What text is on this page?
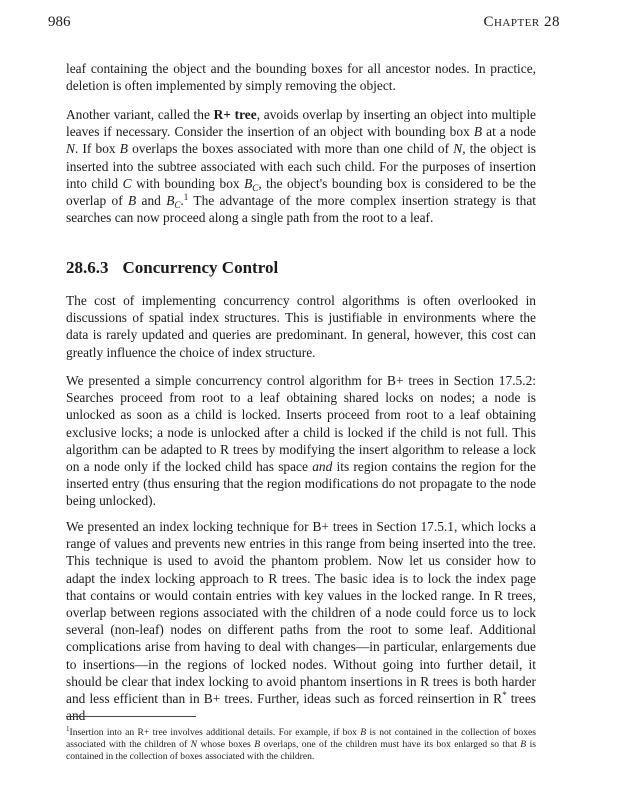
986	Chapter 28

leaf containing the object and the bounding boxes for all ancestor nodes. In practice, deletion is often implemented by simply removing the object.

Another variant, called the R+ tree, avoids overlap by inserting an object into multiple leaves if necessary. Consider the insertion of an object with bounding box B at a node N. If box B overlaps the boxes associated with more than one child of N, the object is inserted into the subtree associated with each such child. For the purposes of insertion into child C with bounding box $B_C$, the object's bounding box is considered to be the overlap of B and $B_C.^1$ The advantage of the more complex insertion strategy is that searches can now proceed along a single path from the root to a leaf.

28.6.3 Concurrency Control

The cost of implementing concurrency control algorithms is often overlooked in discussions of spatial index structures. This is justifiable in environments where the data is rarely updated and queries are predominant. In general, however, this cost can greatly influence the choice of index structure.

We presented a simple concurrency control algorithm for B+ trees in Section 17.5.2: Searches proceed from root to a leaf obtaining shared locks on nodes; a node is unlocked as soon as a child is locked. Inserts proceed from root to a leaf obtaining exclusive locks; a node is unlocked after a child is locked if the child is not full. This algorithm can be adapted to R trees by modifying the insert algorithm to release a lock on a node only if the locked child has space and its region contains the region for the inserted entry (thus ensuring that the region modifications do not propagate to the node being unlocked).

We presented an index locking technique for B+ trees in Section 17.5.1, which locks a range of values and prevents new entries in this range from being inserted into the tree. This technique is used to avoid the phantom problem. Now let us consider how to adapt the index locking approach to R trees. The basic idea is to lock the index page that contains or would contain entries with key values in the locked range. In R trees, overlap between regions associated with the children of a node could force us to lock several (non-leaf) nodes on different paths from the root to some leaf. Additional complications arise from having to deal with changes—in particular, enlargements due to insertions—in the regions of locked nodes. Without going into further detail, it should be clear that index locking to avoid phantom insertions in R trees is both harder and less efficient than in B+ trees. Further, ideas such as forced reinsertion in R* trees and

$^1$Insertion into an R+ tree involves additional details. For example, if box B is not contained in the collection of boxes associated with the children of N whose boxes B overlaps, one of the children must have its box enlarged so that B is contained in the collection of boxes associated with the children.
